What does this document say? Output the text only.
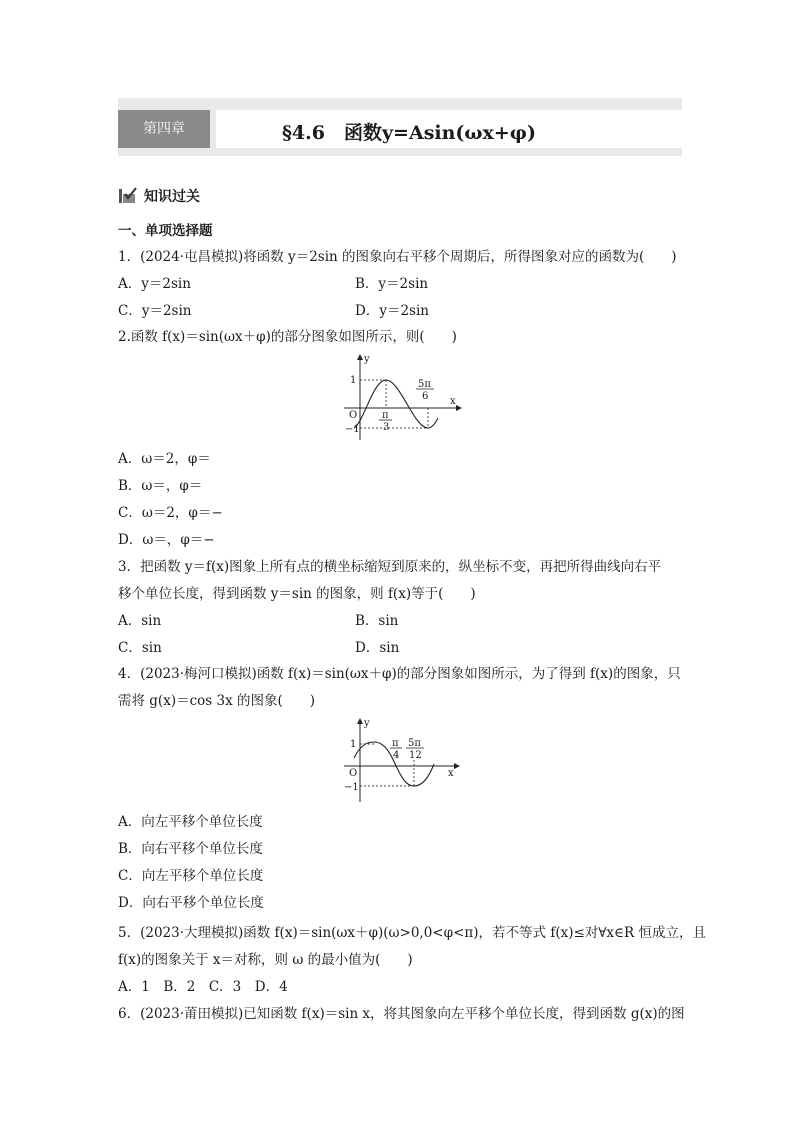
第四章	§4.6　函数y=Asin(ωx+φ)
知识过关
一、单项选择题
1．(2024·屯昌模拟)将函数 y＝2sin 的图象向右平移个周期后，所得图象对应的函数为(　　)
A．y＝2sin	B．y＝2sin
C．y＝2sin	D．y＝2sin
2.函数 f(x)＝sin(ωx＋φ)的部分图象如图所示，则(　　)
y
x
O
1
−1
π
3
5π
6
A．ω＝2，φ＝
B．ω＝，φ＝
C．ω＝2，φ＝−
D．ω＝，φ＝−
3．把函数 y＝f(x)图象上所有点的横坐标缩短到原来的，纵坐标不变，再把所得曲线向右平
移个单位长度，得到函数 y＝sin 的图象，则 f(x)等于(　　)
A．sin	B．sin
C．sin	D．sin
4．(2023·梅河口模拟)函数 f(x)＝sin(ωx＋φ)的部分图象如图所示，为了得到 f(x)的图象，只
需将 g(x)＝cos 3x 的图象(　　)
y
x
O
1
−1
π
4
5π
12
A．向左平移个单位长度
B．向右平移个单位长度
C．向左平移个单位长度
D．向右平移个单位长度
5．(2023·大理模拟)函数 f(x)＝sin(ωx＋φ)(ω>0,0<φ<π)，若不等式 f(x)≤对∀x∈R 恒成立，且
f(x)的图象关于 x＝对称，则 ω 的最小值为(　　)
A．1　B．2　C．3　D．4
6．(2023·莆田模拟)已知函数 f(x)＝sin x，将其图象向左平移个单位长度，得到函数 g(x)的图
